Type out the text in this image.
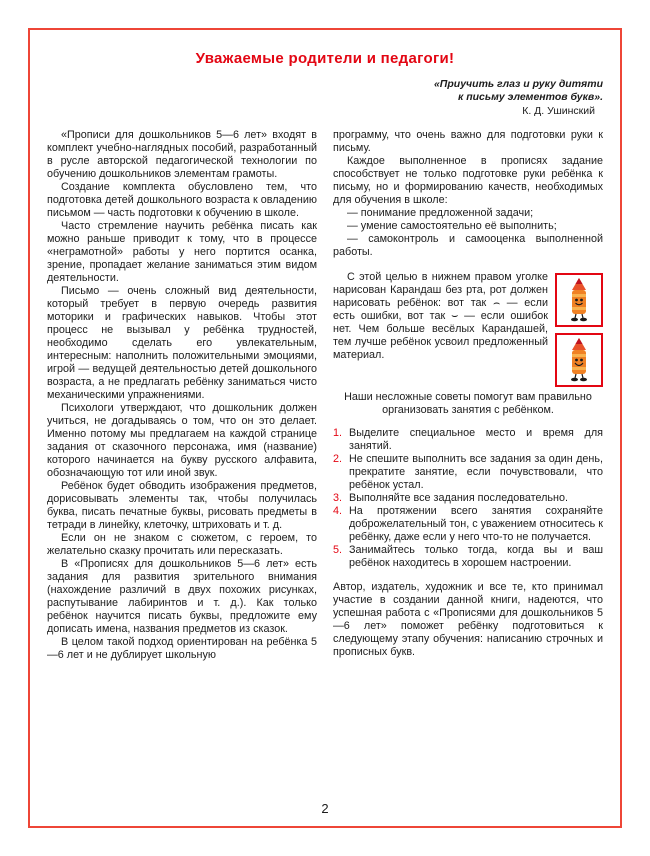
Уважаемые родители и педагоги!
«Приучить глаз и руку дитяти
к письму элементов букв».
К. Д. Ушинский

«Прописи для дошкольников 5—6 лет» входят в комплект учебно-наглядных пособий, разработанный в русле авторской педагогической технологии по обучению дошкольников элементам грамоты.

Создание комплекта обусловлено тем, что подготовка детей дошкольного возраста к овладению письмом — часть подготовки к обучению в школе.

Часто стремление научить ребёнка писать как можно раньше приводит к тому, что в процессе «неграмотной» работы у него портится осанка, зрение, пропадает желание заниматься этим видом деятельности.

Письмо — очень сложный вид деятельности, который требует в первую очередь развития моторики и графических навыков. Чтобы этот процесс не вызывал у ребёнка трудностей, необходимо сделать его увлекательным, интересным: наполнить положительными эмоциями, игрой — ведущей деятельностью детей дошкольного возраста, а не предлагать ребёнку заниматься чисто механическими упражнениями.

Психологи утверждают, что дошкольник должен учиться, не догадываясь о том, что он это делает. Именно потому мы предлагаем на каждой странице задания от сказочного персонажа, имя (название) которого начинается на букву русского алфавита, обозначающую тот или иной звук.

Ребёнок будет обводить изображения предметов, дорисовывать элементы так, чтобы получилась буква, писать печатные буквы, рисовать предметы в тетради в линейку, клеточку, штриховать и т. д.

Если он не знаком с сюжетом, с героем, то желательно сказку прочитать или пересказать.

В «Прописях для дошкольников 5—6 лет» есть задания для развития зрительного внимания (нахождение различий в двух похожих рисунках, распутывание лабиринтов и т. д.). Как только ребёнок научится писать буквы, предложите ему дописать имена, названия предметов из сказок.

В целом такой подход ориентирован на ребёнка 5—6 лет и не дублирует школьную

программу, что очень важно для подготовки руки к письму.

Каждое выполненное в прописях задание способствует не только подготовке руки ребёнка к письму, но и формированию качеств, необходимых для обучения в школе:

— понимание предложенной задачи;

— умение самостоятельно её выполнить;

— самоконтроль и самооценка выполненной работы.

С этой целью в нижнем правом уголке нарисован Карандаш без рта, рот должен нарисовать ребёнок: вот так ⌢ — если есть ошибки, вот так ⌣ — если ошибок нет. Чем больше весёлых Карандашей, тем лучше ребёнок усвоил предложенный материал.

Наши несложные советы помогут вам правильно организовать занятия с ребёнком.

1. Выделите специальное место и время для занятий.
2. Не спешите выполнить все задания за один день, прекратите занятие, если почувствовали, что ребёнок устал.
3. Выполняйте все задания последовательно.
4. На протяжении всего занятия сохраняйте доброжелательный тон, с уважением относитесь к ребёнку, даже если у него что-то не получается.
5. Занимайтесь только тогда, когда вы и ваш ребёнок находитесь в хорошем настроении.

Автор, издатель, художник и все те, кто принимал участие в создании данной книги, надеются, что успешная работа с «Прописями для дошкольников 5—6 лет» поможет ребёнку подготовиться к следующему этапу обучения: написанию строчных и прописных букв.

2
